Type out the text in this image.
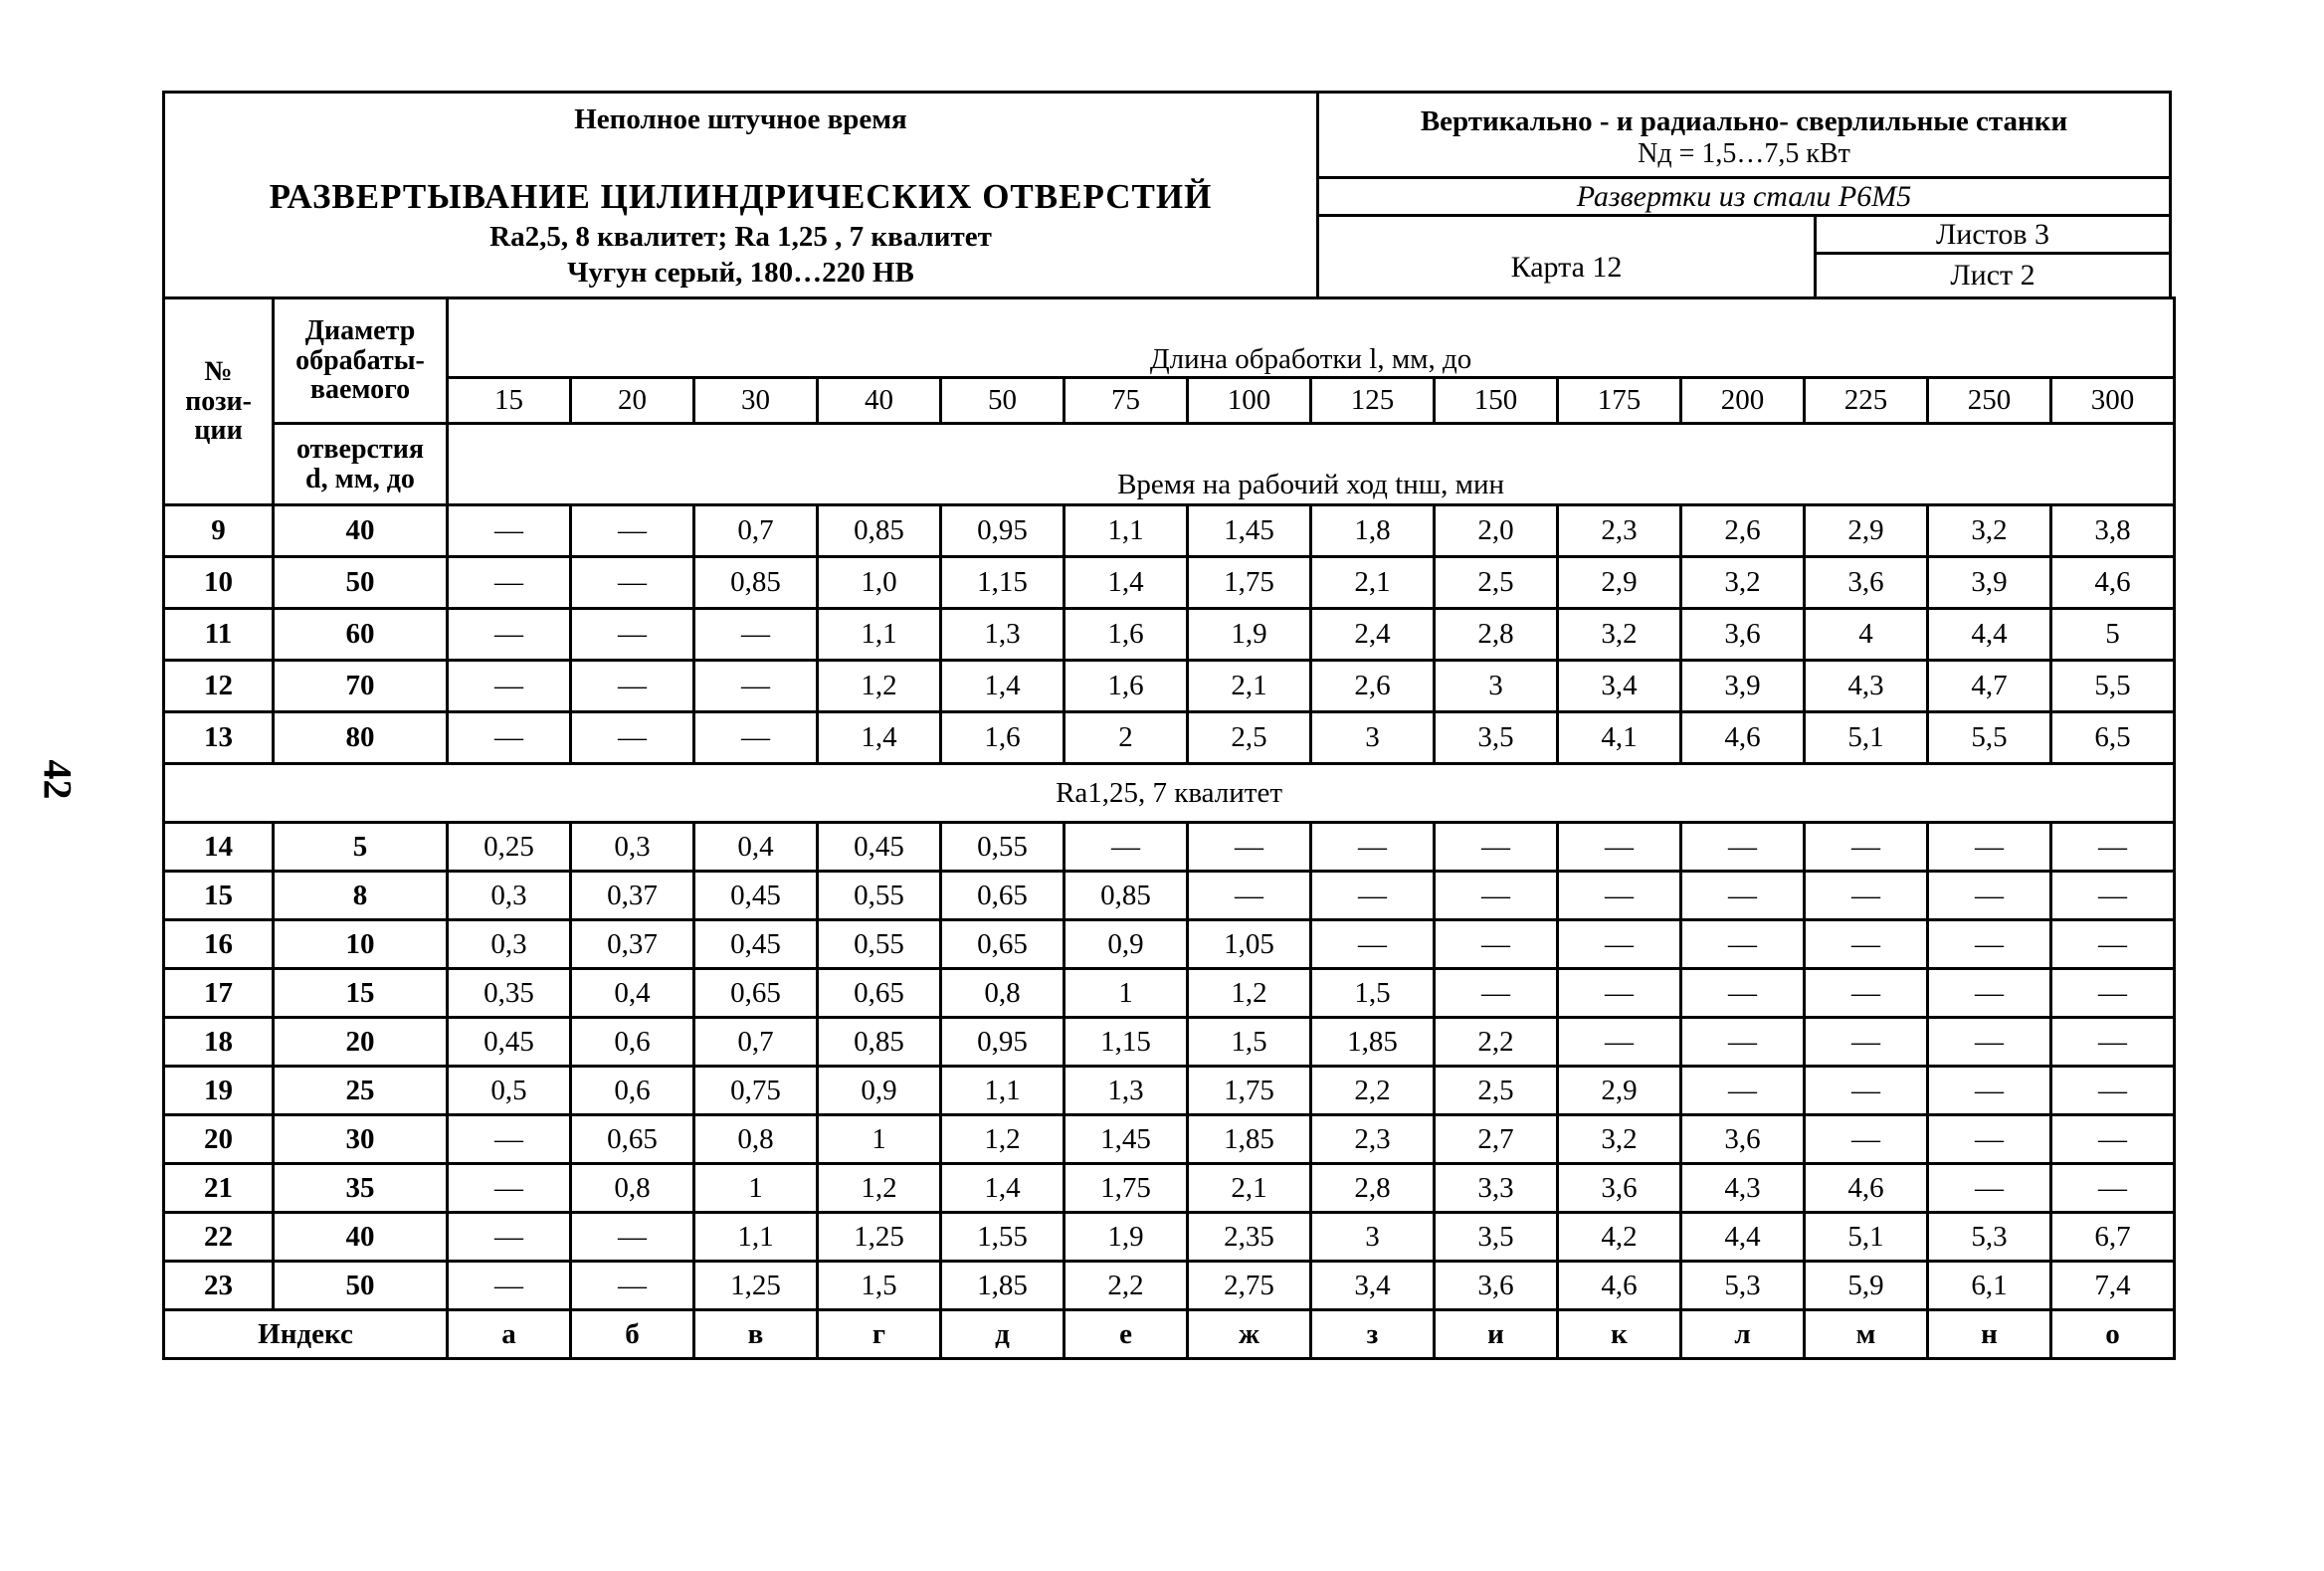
42
Неполное штучное время
РАЗВЕРТЫВАНИЕ ЦИЛИНДРИЧЕСКИХ ОТВЕРСТИЙ
Ra2,5, 8 квалитет; Ra 1,25 , 7 квалитет
Чугун серый, 180…220 НВ
Вертикально - и радиально- сверлильные станки
Nд = 1,5…7,5 кВт
Развертки из стали Р6М5
Карта 12
Листов 3
Лист 2
№ пози-ции	Диаметр обрабаты-ваемого	Длина обработки l, мм, до													
		15	20	30	40	50	75	100	125	150	175	200	225	250	300

	отверстия d, мм, до	Время на рабочий ход tнш, мин													
9	40	—	—	0,7	0,85	0,95	1,1	1,45	1,8	2,0	2,3	2,6	2,9	3,2	3,8
10	50	—	—	0,85	1,0	1,15	1,4	1,75	2,1	2,5	2,9	3,2	3,6	3,9	4,6
11	60	—	—	—	1,1	1,3	1,6	1,9	2,4	2,8	3,2	3,6	4	4,4	5
12	70	—	—	—	1,2	1,4	1,6	2,1	2,6	3	3,4	3,9	4,3	4,7	5,5
13	80	—	—	—	1,4	1,6	2	2,5	3	3,5	4,1	4,6	5,1	5,5	6,5
Ra1,25, 7 квалитет															
14	5	0,25	0,3	0,4	0,45	0,55	—	—	—	—	—	—	—	—	—
15	8	0,3	0,37	0,45	0,55	0,65	0,85	—	—	—	—	—	—	—	—
16	10	0,3	0,37	0,45	0,55	0,65	0,9	1,05	—	—	—	—	—	—	—
17	15	0,35	0,4	0,65	0,65	0,8	1	1,2	1,5	—	—	—	—	—	—
18	20	0,45	0,6	0,7	0,85	0,95	1,15	1,5	1,85	2,2	—	—	—	—	—
19	25	0,5	0,6	0,75	0,9	1,1	1,3	1,75	2,2	2,5	2,9	—	—	—	—
20	30	—	0,65	0,8	1	1,2	1,45	1,85	2,3	2,7	3,2	3,6	—	—	—
21	35	—	0,8	1	1,2	1,4	1,75	2,1	2,8	3,3	3,6	4,3	4,6	—	—
22	40	—	—	1,1	1,25	1,55	1,9	2,35	3	3,5	4,2	4,4	5,1	5,3	6,7
23	50	—	—	1,25	1,5	1,85	2,2	2,75	3,4	3,6	4,6	5,3	5,9	6,1	7,4
Индекс		а	б	в	г	д	е	ж	з	и	к	л	м	н	о
